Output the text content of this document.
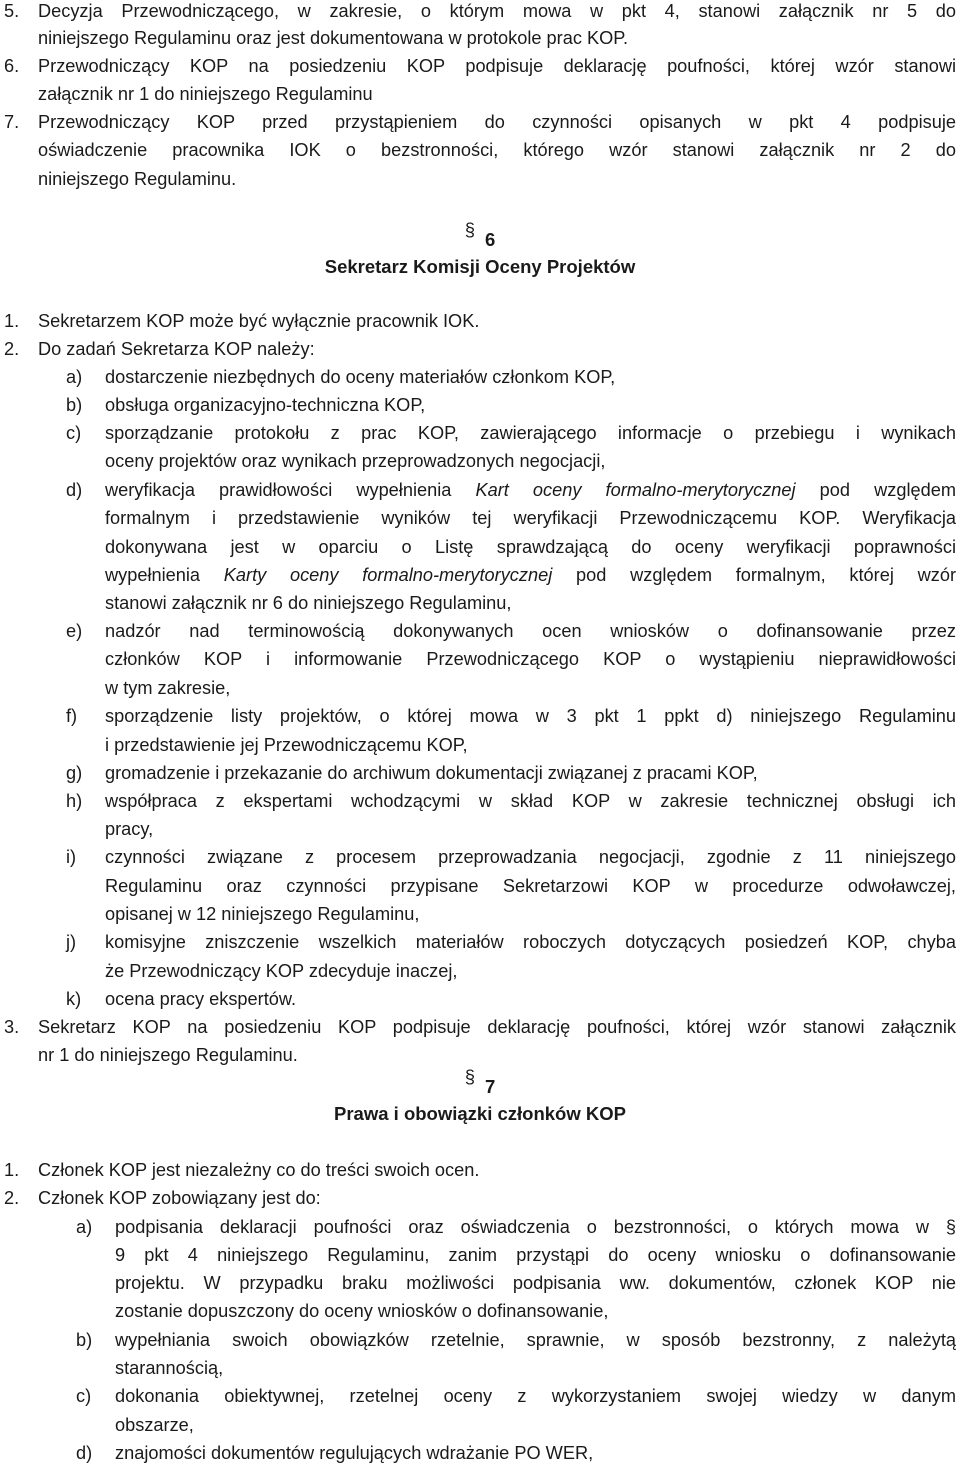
5. Decyzja Przewodniczącego, w zakresie, o którym mowa w pkt 4, stanowi załącznik nr 5 do
niniejszego Regulaminu oraz jest dokumentowana w protokole prac KOP.
6. Przewodniczący KOP na posiedzeniu KOP podpisuje deklarację poufności, której wzór stanowi
załącznik nr 1 do niniejszego Regulaminu
7. Przewodniczący KOP przed przystąpieniem do czynności opisanych w pkt 4 podpisuje
oświadczenie pracownika IOK o bezstronności, którego wzór stanowi załącznik nr 2 do
niniejszego Regulaminu.
§ 6
Sekretarz Komisji Oceny Projektów
1. Sekretarzem KOP może być wyłącznie pracownik IOK.
2. Do zadań Sekretarza KOP należy:
a) dostarczenie niezbędnych do oceny materiałów członkom KOP,
b) obsługa organizacyjno-techniczna KOP,
c) sporządzanie protokołu z prac KOP, zawierającego informacje o przebiegu i wynikach
oceny projektów oraz wynikach przeprowadzonych negocjacji,
d) weryfikacja prawidłowości wypełnienia Kart oceny formalno-merytorycznej pod względem
formalnym i przedstawienie wyników tej weryfikacji Przewodniczącemu KOP. Weryfikacja
dokonywana jest w oparciu o Listę sprawdzającą do oceny weryfikacji poprawności
wypełnienia Karty oceny formalno-merytorycznej pod względem formalnym, której wzór
stanowi załącznik nr 6 do niniejszego Regulaminu,
e) nadzór nad terminowością dokonywanych ocen wniosków o dofinansowanie przez
członków KOP i informowanie Przewodniczącego KOP o wystąpieniu nieprawidłowości
w tym zakresie,
f) sporządzenie listy projektów, o której mowa w 3 pkt 1 ppkt d) niniejszego Regulaminu
i przedstawienie jej Przewodniczącemu KOP,
g) gromadzenie i przekazanie do archiwum dokumentacji związanej z pracami KOP,
h) współpraca z ekspertami wchodzącymi w skład KOP w zakresie technicznej obsługi ich
pracy,
i) czynności związane z procesem przeprowadzania negocjacji, zgodnie z 11 niniejszego
Regulaminu oraz czynności przypisane Sekretarzowi KOP w procedurze odwoławczej,
opisanej w 12 niniejszego Regulaminu,
j) komisyjne zniszczenie wszelkich materiałów roboczych dotyczących posiedzeń KOP, chyba
że Przewodniczący KOP zdecyduje inaczej,
k) ocena pracy ekspertów.
3. Sekretarz KOP na posiedzeniu KOP podpisuje deklarację poufności, której wzór stanowi załącznik
nr 1 do niniejszego Regulaminu.
§ 7
Prawa i obowiązki członków KOP
1. Członek KOP jest niezależny co do treści swoich ocen.
2. Członek KOP zobowiązany jest do:
a) podpisania deklaracji poufności oraz oświadczenia o bezstronności, o których mowa w §
9 pkt 4 niniejszego Regulaminu, zanim przystąpi do oceny wniosku o dofinansowanie
projektu. W przypadku braku możliwości podpisania ww. dokumentów, członek KOP nie
zostanie dopuszczony do oceny wniosków o dofinansowanie,
b) wypełniania swoich obowiązków rzetelnie, sprawnie, w sposób bezstronny, z należytą
starannością,
c) dokonania obiektywnej, rzetelnej oceny z wykorzystaniem swojej wiedzy w danym
obszarze,
d) znajomości dokumentów regulujących wdrażanie PO WER,
